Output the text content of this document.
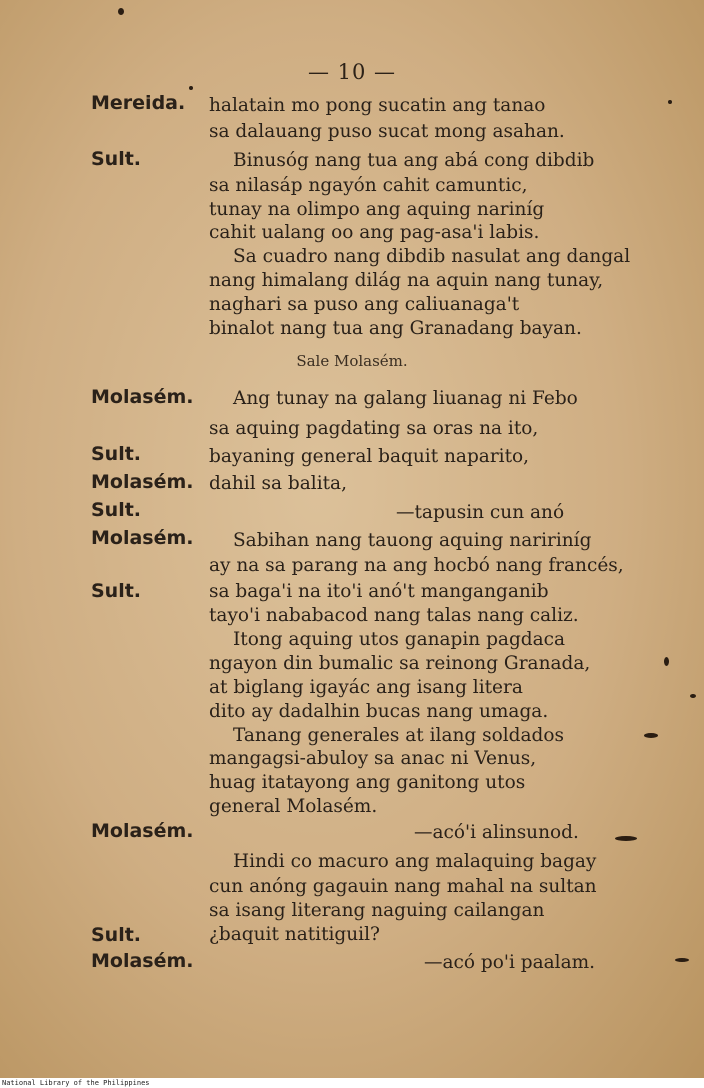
— 10 —
Mereida.
Sult.
Molasém.
Sult.
Molasém.
Sult.
Molasém.
Sult.
Molasém.
Sult.
Molasém.
halatain mo pong sucatin ang tanao
sa dalauang puso sucat mong asahan.
Binusóg nang tua ang abá cong dibdib
sa nilasáp ngayón cahit camuntic,
tunay na olimpo ang aquing nariníg
cahit ualang oo ang pag-asa'i labis.
Sa cuadro nang dibdib nasulat ang dangal
nang himalang dilág na aquin nang tunay,
naghari sa puso ang caliuanaga't
binalot nang tua ang Granadang bayan.
Sale Molasém.
Ang tunay na galang liuanag ni Febo
sa aquing pagdating sa oras na ito,
bayaning general baquit naparito,
dahil sa balita,
—tapusin cun anó
Sabihan nang tauong aquing naririníg
ay na sa parang na ang hocbó nang francés,
sa baga'i na ito'i anó't manganganib
tayo'i nababacod nang talas nang caliz.
Itong aquing utos ganapin pagdaca
ngayon din bumalic sa reinong Granada,
at biglang igayác ang isang litera
dito ay dadalhin bucas nang umaga.
Tanang generales at ilang soldados
mangagsi-abuloy sa anac ni Venus,
huag itatayong ang ganitong utos
general Molasém.
—acó'i alinsunod.
Hindi co macuro ang malaquing bagay
cun anóng gagauin nang mahal na sultan
sa isang literang naguing cailangan
¿baquit natitiguil?
—acó po'i paalam.
National Library of the Philippines
